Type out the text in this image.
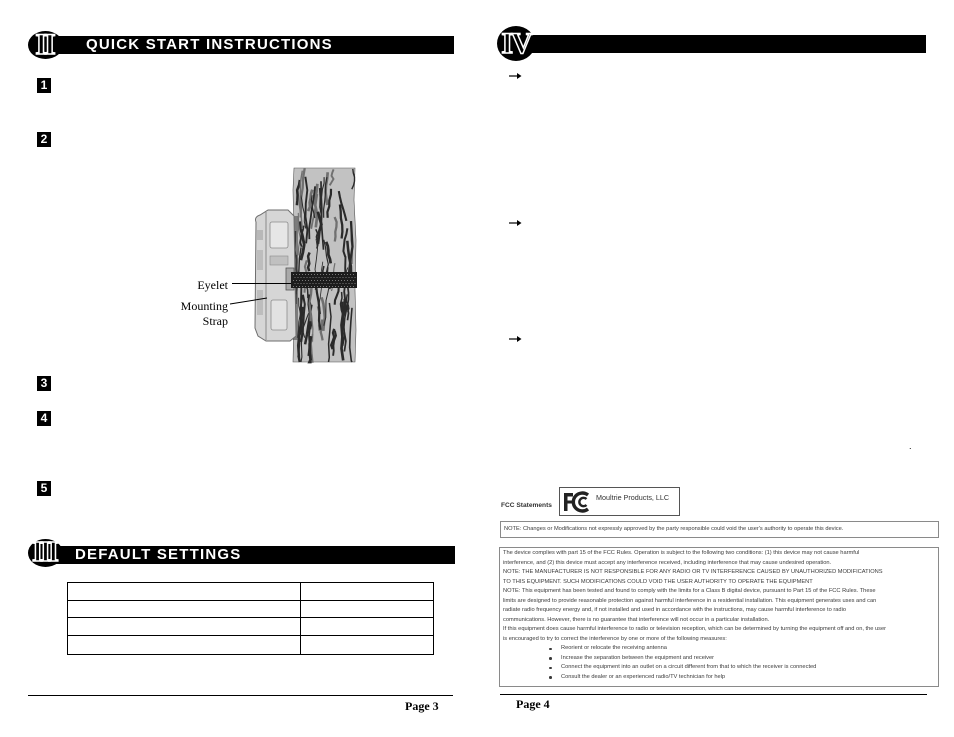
QUICK START INSTRUCTIONS
II
1
2
3
4
5
Eyelet
Mounting
Strap
DEFAULT SETTINGS
III

Page 3
IV
.
FCC Statements
Moultrie Products, LLC
NOTE: Changes or Modifications not expressly approved by the party responsible could void the user's authority to operate this device.
The device complies with part 15 of the FCC Rules. Operation is subject to the following two conditions: (1) this device may not cause harmful
interference, and (2) this device must accept any interference received, including interference that may cause undesired operation.
NOTE: THE MANUFACTURER IS NOT RESPONSIBLE FOR ANY RADIO OR TV INTERFERENCE CAUSED BY UNAUTHORIZED MODIFICATIONS
TO THIS EQUIPMENT. SUCH MODIFICATIONS COULD VOID THE USER AUTHORITY TO OPERATE THE EQUIPMENT
NOTE: This equipment has been tested and found to comply with the limits for a Class B digital device, pursuant to Part 15 of the FCC Rules. These
limits are designed to provide reasonable protection against harmful interference in a residential installation. This equipment generates uses and can
radiate radio frequency energy and, if not installed and used in accordance with the instructions, may cause harmful interference to radio
communications. However, there is no guarantee that interference will not occur in a particular installation.
If this equipment does cause harmful interference to radio or television reception, which can be determined by turning the equipment off and on, the user
is encouraged to try to correct the interference by one or more of the following measures:
Reorient or relocate the receiving antenna
Increase the separation between the equipment and receiver
Connect the equipment into an outlet on a circuit different from that to which the receiver is connected
Consult the dealer or an experienced radio/TV technician for help
Page 4
